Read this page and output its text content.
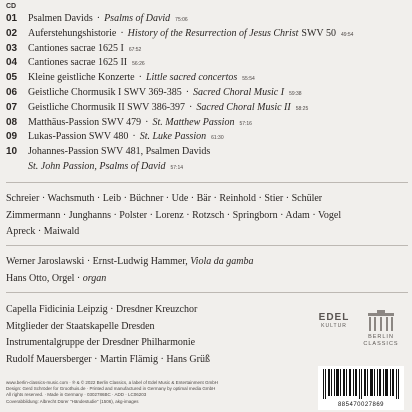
CD
01	Psalmen Davids · Psalms of David 75:06
02	Auferstehungshistorie · History of the Resurrection of Jesus Christ SWV 50 49:54
03	Cantiones sacrae 1625 I 67:52
04	Cantiones sacrae 1625 II 56:26
05	Kleine geistliche Konzerte · Little sacred concertos 55:54
06	Geistliche Chormusik I SWV 369-385 · Sacred Choral Music I 59:38
07	Geistliche Chormusik II SWV 386-397 · Sacred Choral Music II 58:25
08	Matthäus-Passion SWV 479 · St. Matthew Passion 57:16
09	Lukas-Passion SWV 480 · St. Luke Passion 61:30
10	Johannes-Passion SWV 481, Psalmen Davids
St. John Passion, Psalms of David 57:14
Schreier · Wachsmuth · Leib · Büchner · Ude · Bär · Reinhold · Stier · Schüler
Zimmermann · Junghanns · Polster · Lorenz · Rotzsch · Springborn · Adam · Vogel
Apreck · Maiwald
Werner Jaroslawski · Ernst-Ludwig Hammer, Viola da gamba
Hans Otto, Orgel · organ
Capella Fidicinia Leipzig · Dresdner Kreuzchor
Mitglieder der Staatskapelle Dresden
Instrumentalgruppe der Dresdner Philharmonie
Rudolf Mauersberger · Martin Flämig · Hans Grüß
EDEL
KULTUR
BERLIN
CLASSICS
www.berlin-classics-music.com · ℗ & © 2022 Berlin Classics, a label of Edel Music & Entertainment GmbH
Design: Gerd Schröder for Groothuis.de · Printed and manufactured in Germany by optimal media GmbH
All rights reserved. · Made in Germany · 0302786BC · ADD · LC06203
Coverabbildung: Albrecht Dürer "Händestudie" (1506), akg-images
885470027869
